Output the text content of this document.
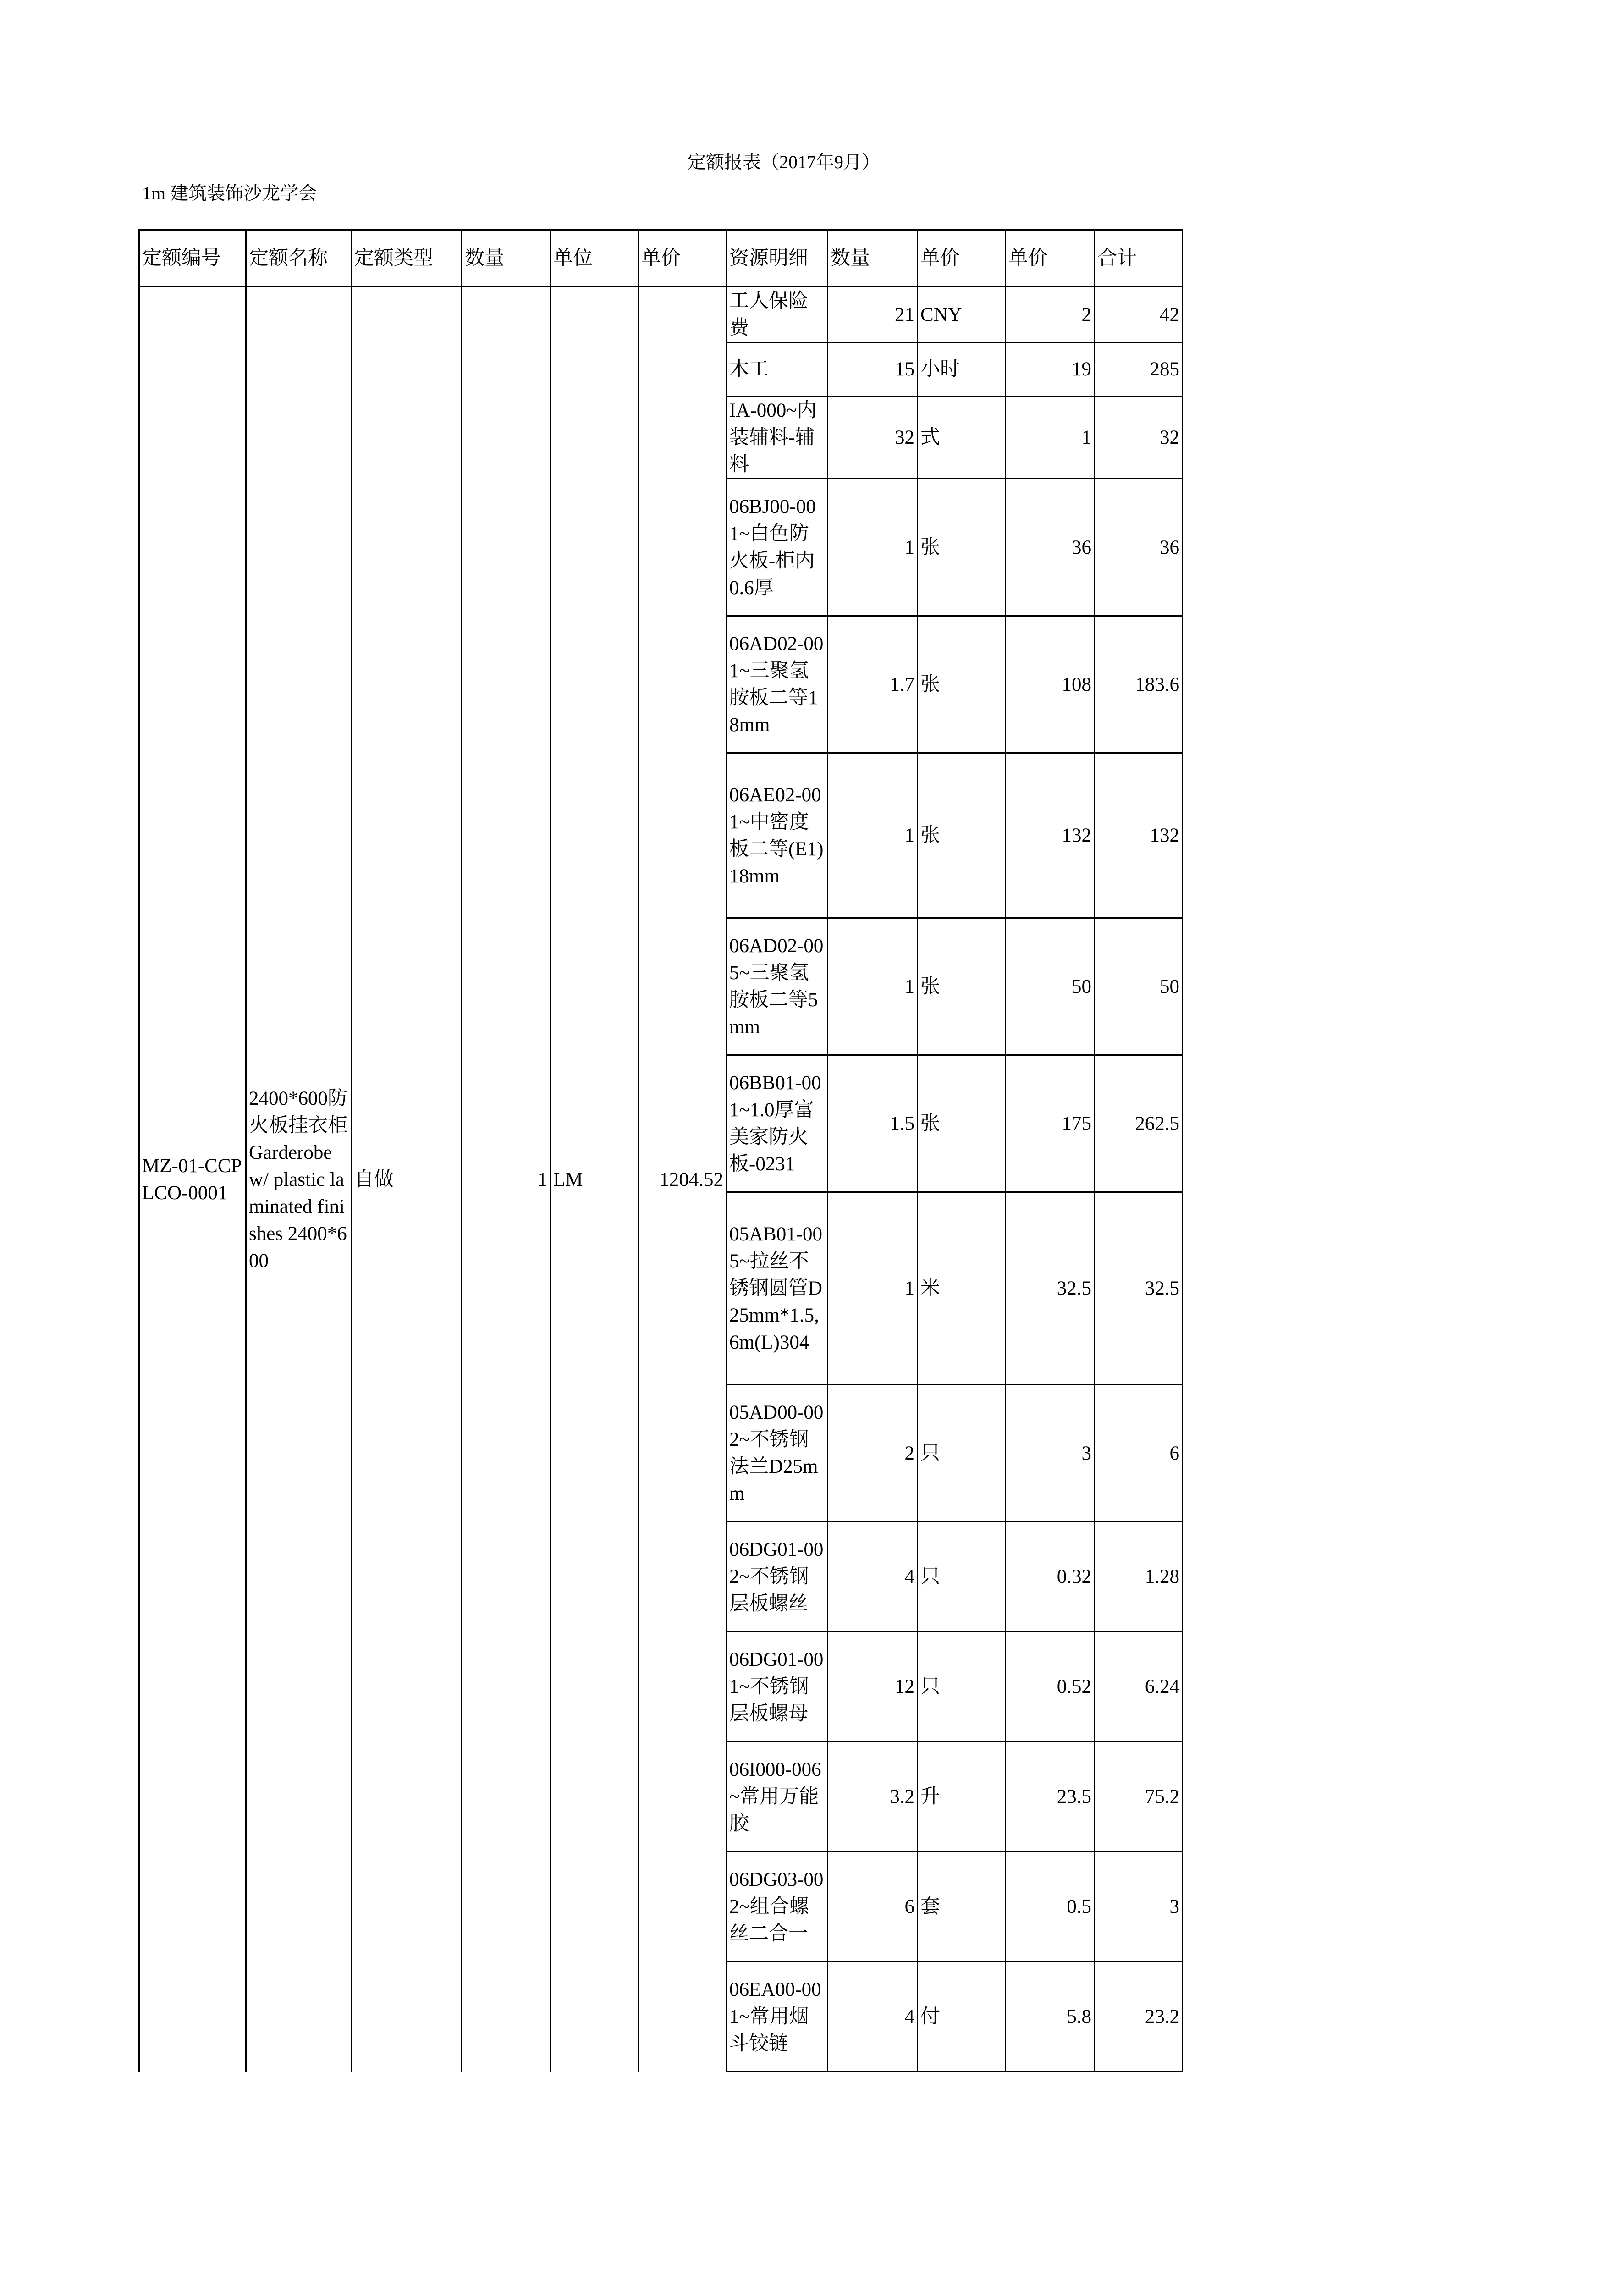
定额报表（2017年9月）
1m 建筑装饰沙龙学会
定额编号	定额名称	定额类型	数量	单位	单价	资源明细	数量	单价	单价	合计
MZ-01-CCPLCO-0001	2400*600防火板挂衣柜Garderobe w/ plastic laminated finishes 2400*600	自做	1	LM	1204.52	工人保险费	21	CNY	2	42
						木工	15	小时	19	285
						IA-000~内装辅料-辅料	32	式	1	32
						06BJ00-001~白色防火板-柜内0.6厚	1	张	36	36
						06AD02-001~三聚氢胺板二等18mm	1.7	张	108	183.6
						06AE02-001~中密度板二等(E1)18mm	1	张	132	132
						06AD02-005~三聚氢胺板二等5mm	1	张	50	50
						06BB01-001~1.0厚富美家防火板-0231	1.5	张	175	262.5
						05AB01-005~拉丝不锈钢圆管D25mm*1.5,6m(L)304	1	米	32.5	32.5
						05AD00-002~不锈钢法兰D25mm	2	只	3	6
						06DG01-002~不锈钢层板螺丝	4	只	0.32	1.28
						06DG01-001~不锈钢层板螺母	12	只	0.52	6.24
						06I000-006~常用万能胶	3.2	升	23.5	75.2
						06DG03-002~组合螺丝二合一	6	套	0.5	3
						06EA00-001~常用烟斗铰链	4	付	5.8	23.2
